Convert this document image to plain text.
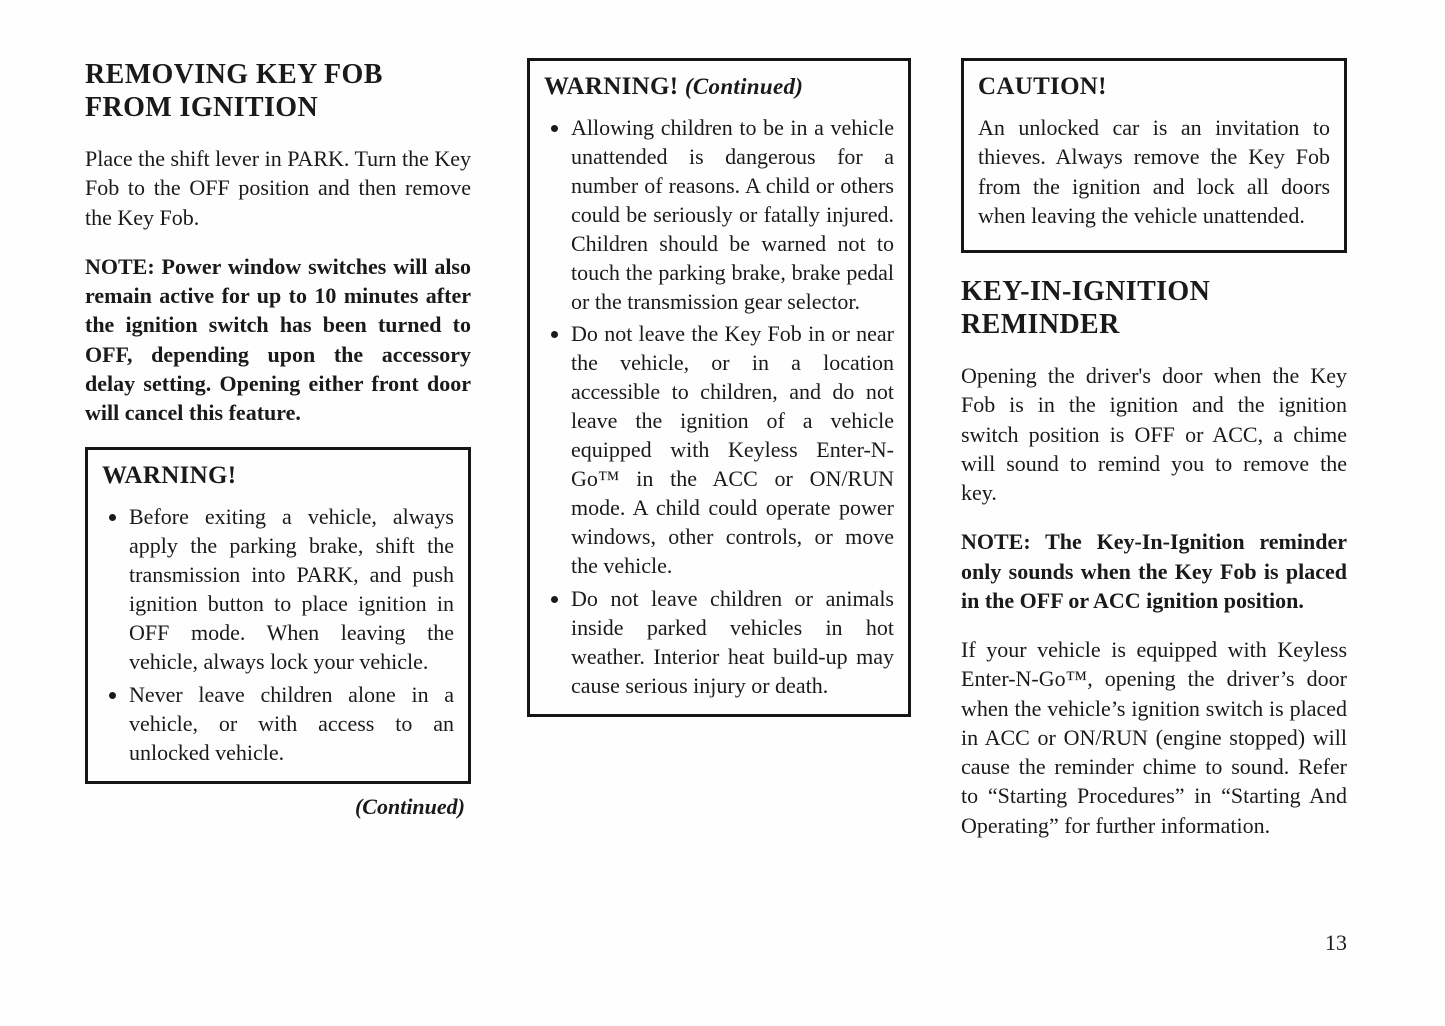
REMOVING KEY FOB FROM IGNITION

Place the shift lever in PARK. Turn the Key Fob to the OFF position and then remove the Key Fob.

NOTE: Power window switches will also remain active for up to 10 minutes after the ignition switch has been turned to OFF, depending upon the accessory delay setting. Opening either front door will cancel this feature.

WARNING!
• Before exiting a vehicle, always apply the parking brake, shift the transmission into PARK, and push ignition button to place ignition in OFF mode. When leaving the vehicle, always lock your vehicle.
• Never leave children alone in a vehicle, or with access to an unlocked vehicle.
(Continued)
WARNING! (Continued)
• Allowing children to be in a vehicle unattended is dangerous for a number of reasons. A child or others could be seriously or fatally injured. Children should be warned not to touch the parking brake, brake pedal or the transmission gear selector.
• Do not leave the Key Fob in or near the vehicle, or in a location accessible to children, and do not leave the ignition of a vehicle equipped with Keyless Enter-N-Go™ in the ACC or ON/RUN mode. A child could operate power windows, other controls, or move the vehicle.
• Do not leave children or animals inside parked vehicles in hot weather. Interior heat build-up may cause serious injury or death.
CAUTION!

An unlocked car is an invitation to thieves. Always remove the Key Fob from the ignition and lock all doors when leaving the vehicle unattended.

KEY-IN-IGNITION REMINDER

Opening the driver's door when the Key Fob is in the ignition and the ignition switch position is OFF or ACC, a chime will sound to remind you to remove the key.

NOTE: The Key-In-Ignition reminder only sounds when the Key Fob is placed in the OFF or ACC ignition position.

If your vehicle is equipped with Keyless Enter-N-Go™, opening the driver’s door when the vehicle’s ignition switch is placed in ACC or ON/RUN (engine stopped) will cause the reminder chime to sound. Refer to “Starting Procedures” in “Starting And Operating” for further information.

13
